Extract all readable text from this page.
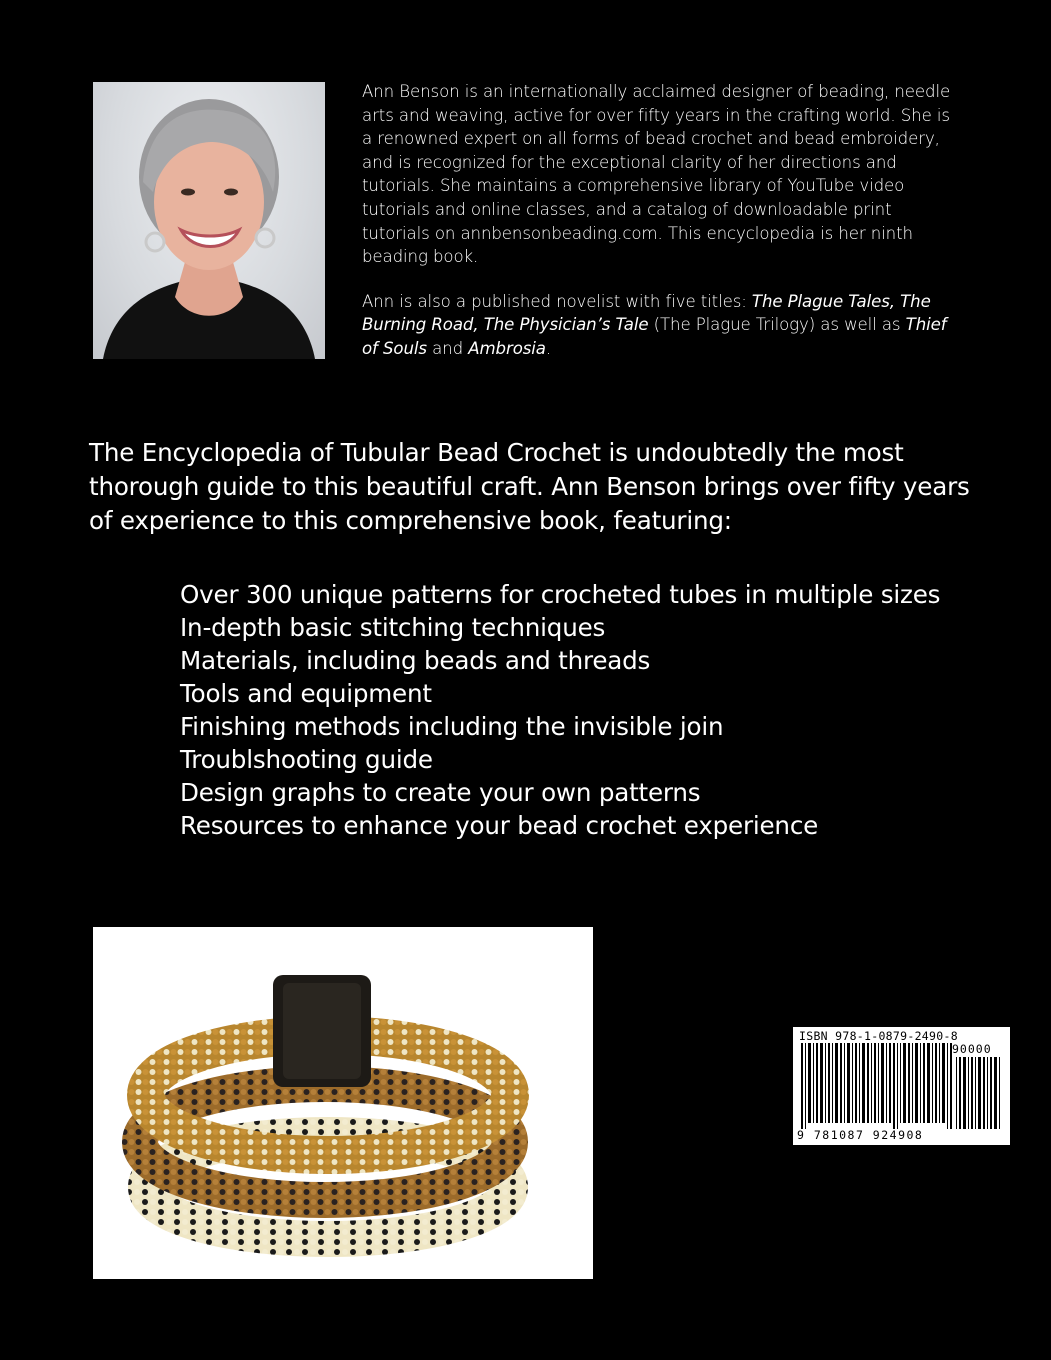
Ann Benson is an internationally acclaimed designer of beading, needle arts and weaving, active for over fifty years in the crafting world. She is a renowned expert on all forms of bead crochet and bead embroidery, and is recognized for the exceptional clarity of her directions and tutorials. She maintains a comprehensive library of YouTube video tutorials and online classes, and a catalog of downloadable print tutorials on annbensonbeading.com. This encyclopedia is her ninth beading book.

Ann is also a published novelist with five titles: The Plague Tales, The Burning Road, The Physician’s Tale (The Plague Trilogy) as well as Thief of Souls and Ambrosia.

The Encyclopedia of Tubular Bead Crochet is undoubtedly the most thorough guide to this beautiful craft. Ann Benson brings over fifty years of experience to this comprehensive book, featuring:
Over 300 unique patterns for crocheted tubes in multiple sizes
In-depth basic stitching techniques
Materials, including beads and threads
Tools and equipment
Finishing methods including the invisible join
Troublshooting guide
Design graphs to create your own patterns
Resources to enhance your bead crochet experience
ISBN 978-1-0879-2490-8
90000
9 781087 924908
